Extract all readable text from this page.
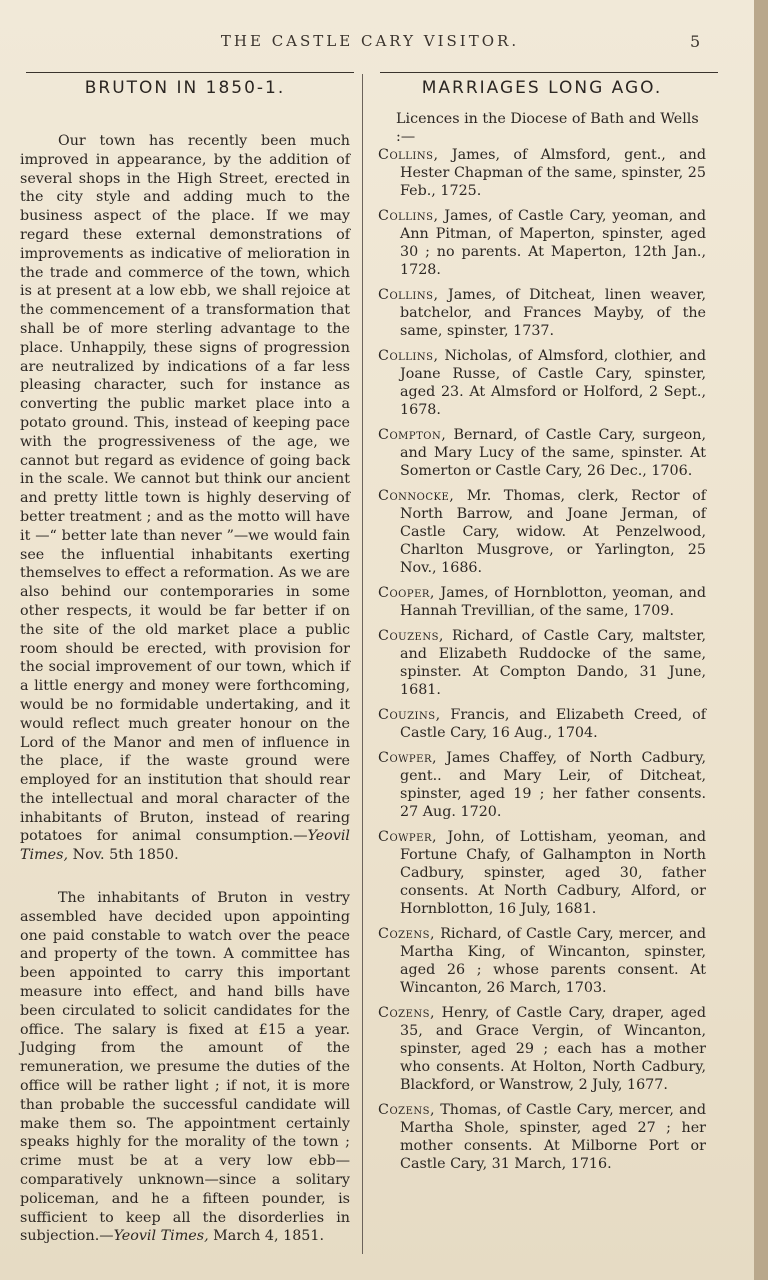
THE CASTLE CARY VISITOR.	5
BRUTON IN 1850-1.

Our town has recently been much improved in appearance, by the addition of several shops in the High Street, erected in the city style and adding much to the business aspect of the place. If we may regard these external demonstrations of improvements as indicative of melioration in the trade and commerce of the town, which is at present at a low ebb, we shall rejoice at the commencement of a transformation that shall be of more sterling advantage to the place. Unhappily, these signs of progression are neutralized by indications of a far less pleasing character, such for instance as converting the public market place into a potato ground. This, instead of keeping pace with the progressiveness of the age, we cannot but regard as evidence of going back in the scale. We cannot but think our ancient and pretty little town is highly deserving of better treatment ; and as the motto will have it —“ better late than never ”—we would fain see the influential inhabitants exerting themselves to effect a reformation. As we are also behind our contemporaries in some other respects, it would be far better if on the site of the old market place a public room should be erected, with provision for the social improvement of our town, which if a little energy and money were forthcoming, would be no formidable undertaking, and it would reflect much greater honour on the Lord of the Manor and men of influence in the place, if the waste ground were employed for an institution that should rear the intellectual and moral character of the inhabitants of Bruton, instead of rearing potatoes for animal consumption.—Yeovil Times, Nov. 5th 1850.

The inhabitants of Bruton in vestry assembled have decided upon appointing one paid constable to watch over the peace and property of the town. A committee has been appointed to carry this important measure into effect, and hand bills have been circulated to solicit candidates for the office. The salary is fixed at £15 a year. Judging from the amount of the remuneration, we presume the duties of the office will be rather light ; if not, it is more than probable the successful candidate will make them so. The appointment certainly speaks highly for the morality of the town ; crime must be at a very low ebb—comparatively unknown—since a solitary policeman, and he a fifteen pounder, is sufficient to keep all the disorderlies in subjection.—Yeovil Times, March 4, 1851.

MARRIAGES LONG AGO.

Licences in the Diocese of Bath and Wells :—

Collins, James, of Almsford, gent., and Hester Chapman of the same, spinster, 25 Feb., 1725.

Collins, James, of Castle Cary, yeoman, and Ann Pitman, of Maperton, spinster, aged 30 ; no parents. At Maperton, 12th Jan., 1728.

Collins, James, of Ditcheat, linen weaver, batchelor, and Frances Mayby, of the same, spinster, 1737.

Collins, Nicholas, of Almsford, clothier, and Joane Russe, of Castle Cary, spinster, aged 23. At Almsford or Holford, 2 Sept., 1678.

Compton, Bernard, of Castle Cary, surgeon, and Mary Lucy of the same, spinster. At Somerton or Castle Cary, 26 Dec., 1706.

Connocke, Mr. Thomas, clerk, Rector of North Barrow, and Joane Jerman, of Castle Cary, widow. At Penzelwood, Charlton Musgrove, or Yarlington, 25 Nov., 1686.

Cooper, James, of Hornblotton, yeoman, and Hannah Trevillian, of the same, 1709.

Couzens, Richard, of Castle Cary, maltster, and Elizabeth Ruddocke of the same, spinster. At Compton Dando, 31 June, 1681.

Couzins, Francis, and Elizabeth Creed, of Castle Cary, 16 Aug., 1704.

Cowper, James Chaffey, of North Cadbury, gent.. and Mary Leir, of Ditcheat, spinster, aged 19 ; her father consents. 27 Aug. 1720.

Cowper, John, of Lottisham, yeoman, and Fortune Chafy, of Galhampton in North Cadbury, spinster, aged 30, father consents. At North Cadbury, Alford, or Hornblotton, 16 July, 1681.

Cozens, Richard, of Castle Cary, mercer, and Martha King, of Wincanton, spinster, aged 26 ; whose parents consent. At Wincanton, 26 March, 1703.

Cozens, Henry, of Castle Cary, draper, aged 35, and Grace Vergin, of Wincanton, spinster, aged 29 ; each has a mother who consents. At Holton, North Cadbury, Blackford, or Wanstrow, 2 July, 1677.

Cozens, Thomas, of Castle Cary, mercer, and Martha Shole, spinster, aged 27 ; her mother consents. At Milborne Port or Castle Cary, 31 March, 1716.
